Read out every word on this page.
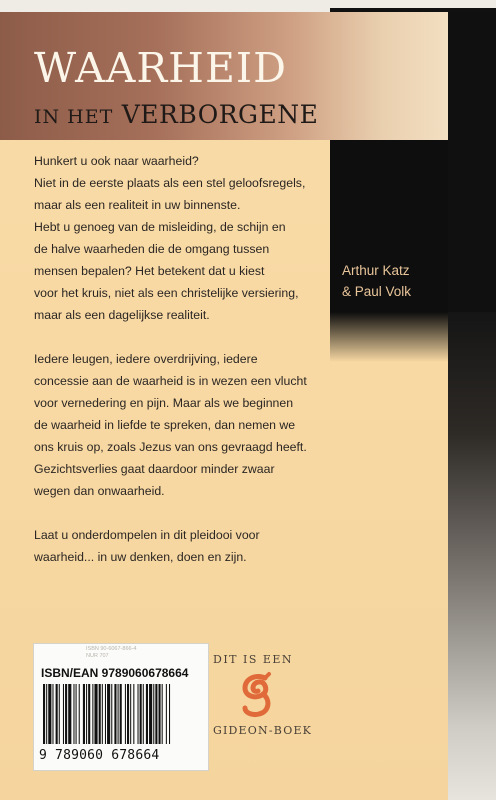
WAARHEID
IN HET VERBORGENE
Arthur Katz
& Paul Volk
Hunkert u ook naar waarheid?
Niet in de eerste plaats als een stel geloofsregels,
maar als een realiteit in uw binnenste.
Hebt u genoeg van de misleiding, de schijn en
de halve waarheden die de omgang tussen
mensen bepalen? Het betekent dat u kiest
voor het kruis, niet als een christelijke versiering,
maar als een dagelijkse realiteit.
Iedere leugen, iedere overdrijving, iedere
concessie aan de waarheid is in wezen een vlucht
voor vernedering en pijn. Maar als we beginnen
de waarheid in liefde te spreken, dan nemen we
ons kruis op, zoals Jezus van ons gevraagd heeft.
Gezichtsverlies gaat daardoor minder zwaar
wegen dan onwaarheid.
Laat u onderdompelen in dit pleidooi voor
waarheid... in uw denken, doen en zijn.
DIT IS EEN
GIDEON-BOEK
ISBN 90-6067-866-4
NUR 707
ISBN/EAN 9789060678664
9 789060 678664
